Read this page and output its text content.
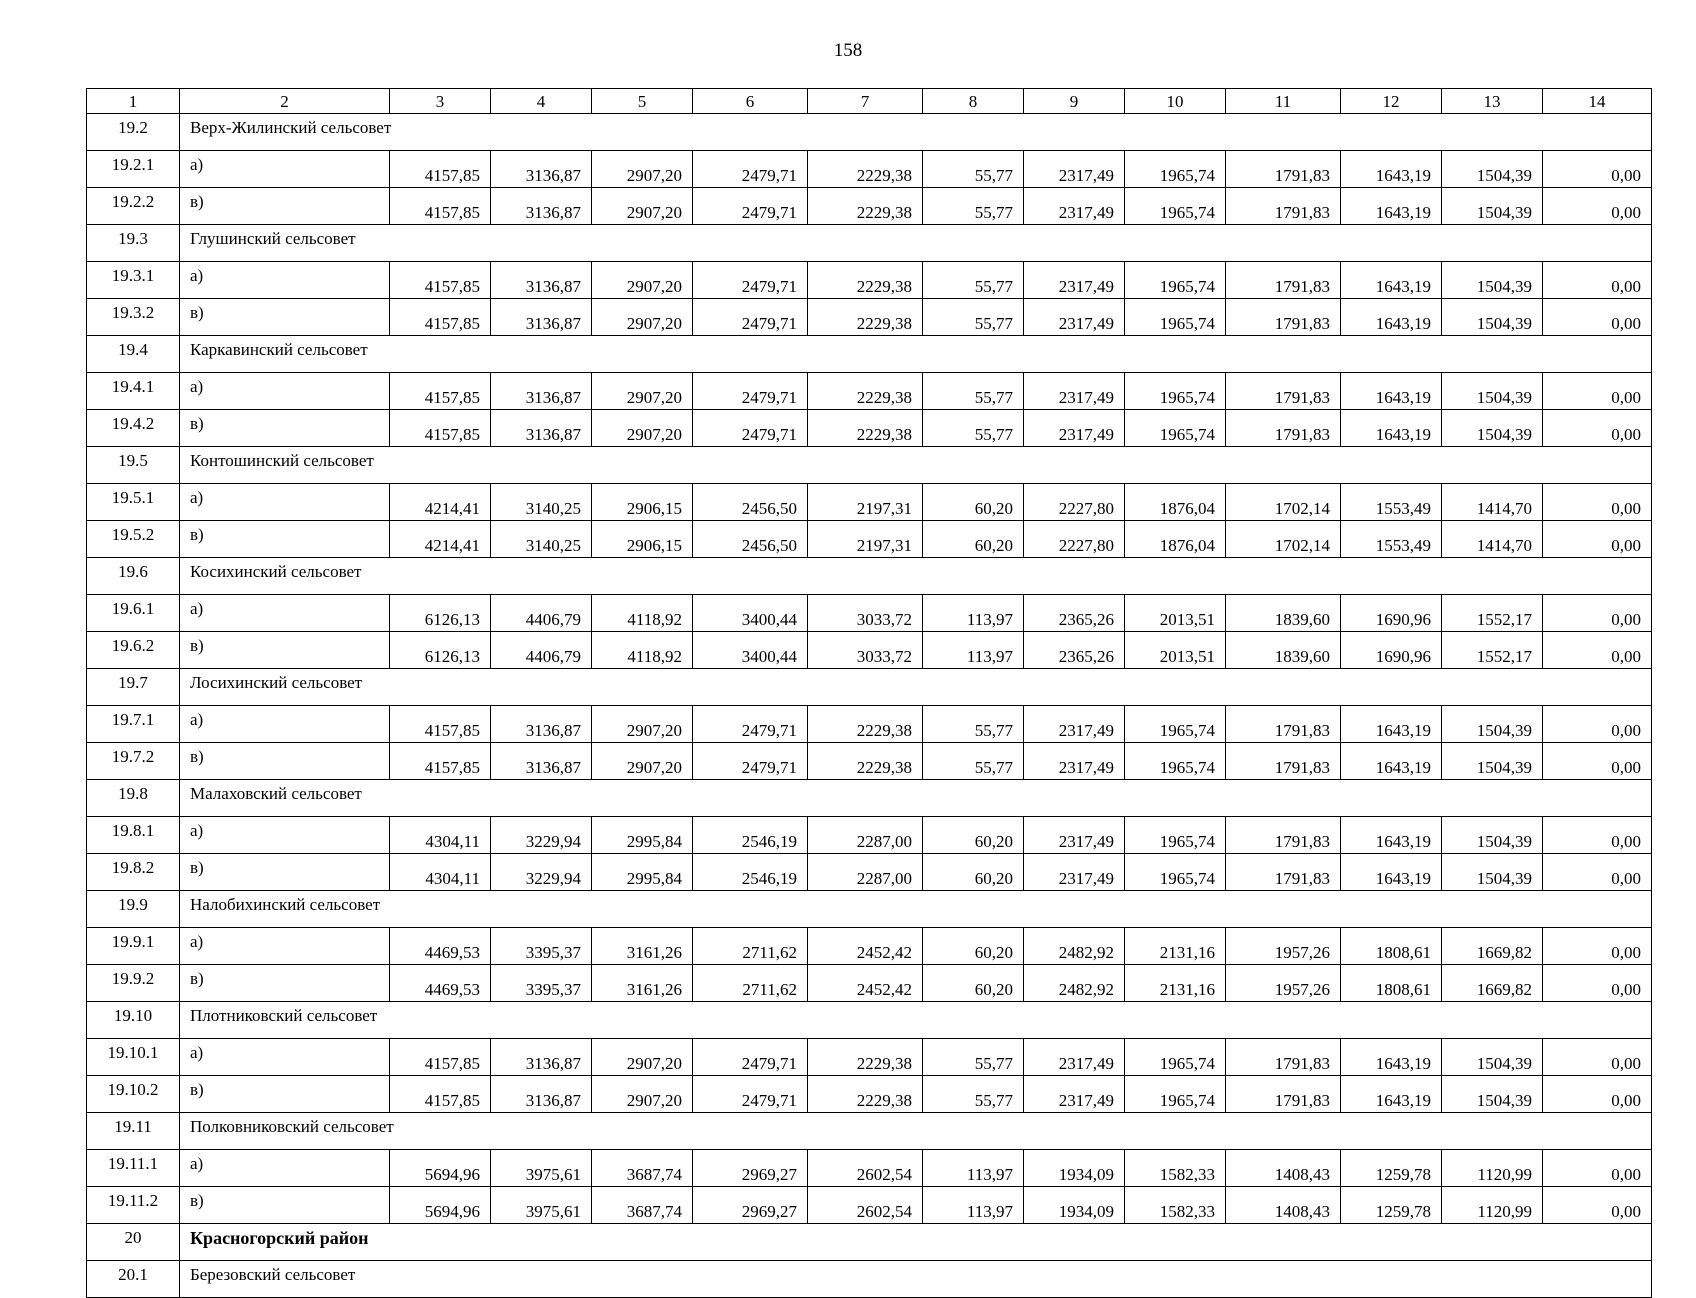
158
1	2	3	4	5	6	7	8	9	10	11	12	13	14
19.2	Верх-Жилинский сельсовет												
19.2.1	а)	4157,85	3136,87	2907,20	2479,71	2229,38	55,77	2317,49	1965,74	1791,83	1643,19	1504,39	0,00
19.2.2	в)	4157,85	3136,87	2907,20	2479,71	2229,38	55,77	2317,49	1965,74	1791,83	1643,19	1504,39	0,00
19.3	Глушинский сельсовет												
19.3.1	а)	4157,85	3136,87	2907,20	2479,71	2229,38	55,77	2317,49	1965,74	1791,83	1643,19	1504,39	0,00
19.3.2	в)	4157,85	3136,87	2907,20	2479,71	2229,38	55,77	2317,49	1965,74	1791,83	1643,19	1504,39	0,00
19.4	Каркавинский сельсовет												
19.4.1	а)	4157,85	3136,87	2907,20	2479,71	2229,38	55,77	2317,49	1965,74	1791,83	1643,19	1504,39	0,00
19.4.2	в)	4157,85	3136,87	2907,20	2479,71	2229,38	55,77	2317,49	1965,74	1791,83	1643,19	1504,39	0,00
19.5	Контошинский сельсовет												
19.5.1	а)	4214,41	3140,25	2906,15	2456,50	2197,31	60,20	2227,80	1876,04	1702,14	1553,49	1414,70	0,00
19.5.2	в)	4214,41	3140,25	2906,15	2456,50	2197,31	60,20	2227,80	1876,04	1702,14	1553,49	1414,70	0,00
19.6	Косихинский сельсовет												
19.6.1	а)	6126,13	4406,79	4118,92	3400,44	3033,72	113,97	2365,26	2013,51	1839,60	1690,96	1552,17	0,00
19.6.2	в)	6126,13	4406,79	4118,92	3400,44	3033,72	113,97	2365,26	2013,51	1839,60	1690,96	1552,17	0,00
19.7	Лосихинский сельсовет												
19.7.1	а)	4157,85	3136,87	2907,20	2479,71	2229,38	55,77	2317,49	1965,74	1791,83	1643,19	1504,39	0,00
19.7.2	в)	4157,85	3136,87	2907,20	2479,71	2229,38	55,77	2317,49	1965,74	1791,83	1643,19	1504,39	0,00
19.8	Малаховский сельсовет												
19.8.1	а)	4304,11	3229,94	2995,84	2546,19	2287,00	60,20	2317,49	1965,74	1791,83	1643,19	1504,39	0,00
19.8.2	в)	4304,11	3229,94	2995,84	2546,19	2287,00	60,20	2317,49	1965,74	1791,83	1643,19	1504,39	0,00
19.9	Налобихинский сельсовет												
19.9.1	а)	4469,53	3395,37	3161,26	2711,62	2452,42	60,20	2482,92	2131,16	1957,26	1808,61	1669,82	0,00
19.9.2	в)	4469,53	3395,37	3161,26	2711,62	2452,42	60,20	2482,92	2131,16	1957,26	1808,61	1669,82	0,00
19.10	Плотниковский сельсовет												
19.10.1	а)	4157,85	3136,87	2907,20	2479,71	2229,38	55,77	2317,49	1965,74	1791,83	1643,19	1504,39	0,00
19.10.2	в)	4157,85	3136,87	2907,20	2479,71	2229,38	55,77	2317,49	1965,74	1791,83	1643,19	1504,39	0,00
19.11	Полковниковский сельсовет												
19.11.1	а)	5694,96	3975,61	3687,74	2969,27	2602,54	113,97	1934,09	1582,33	1408,43	1259,78	1120,99	0,00
19.11.2	в)	5694,96	3975,61	3687,74	2969,27	2602,54	113,97	1934,09	1582,33	1408,43	1259,78	1120,99	0,00
20	Красногорский район												
20.1	Березовский сельсовет												
